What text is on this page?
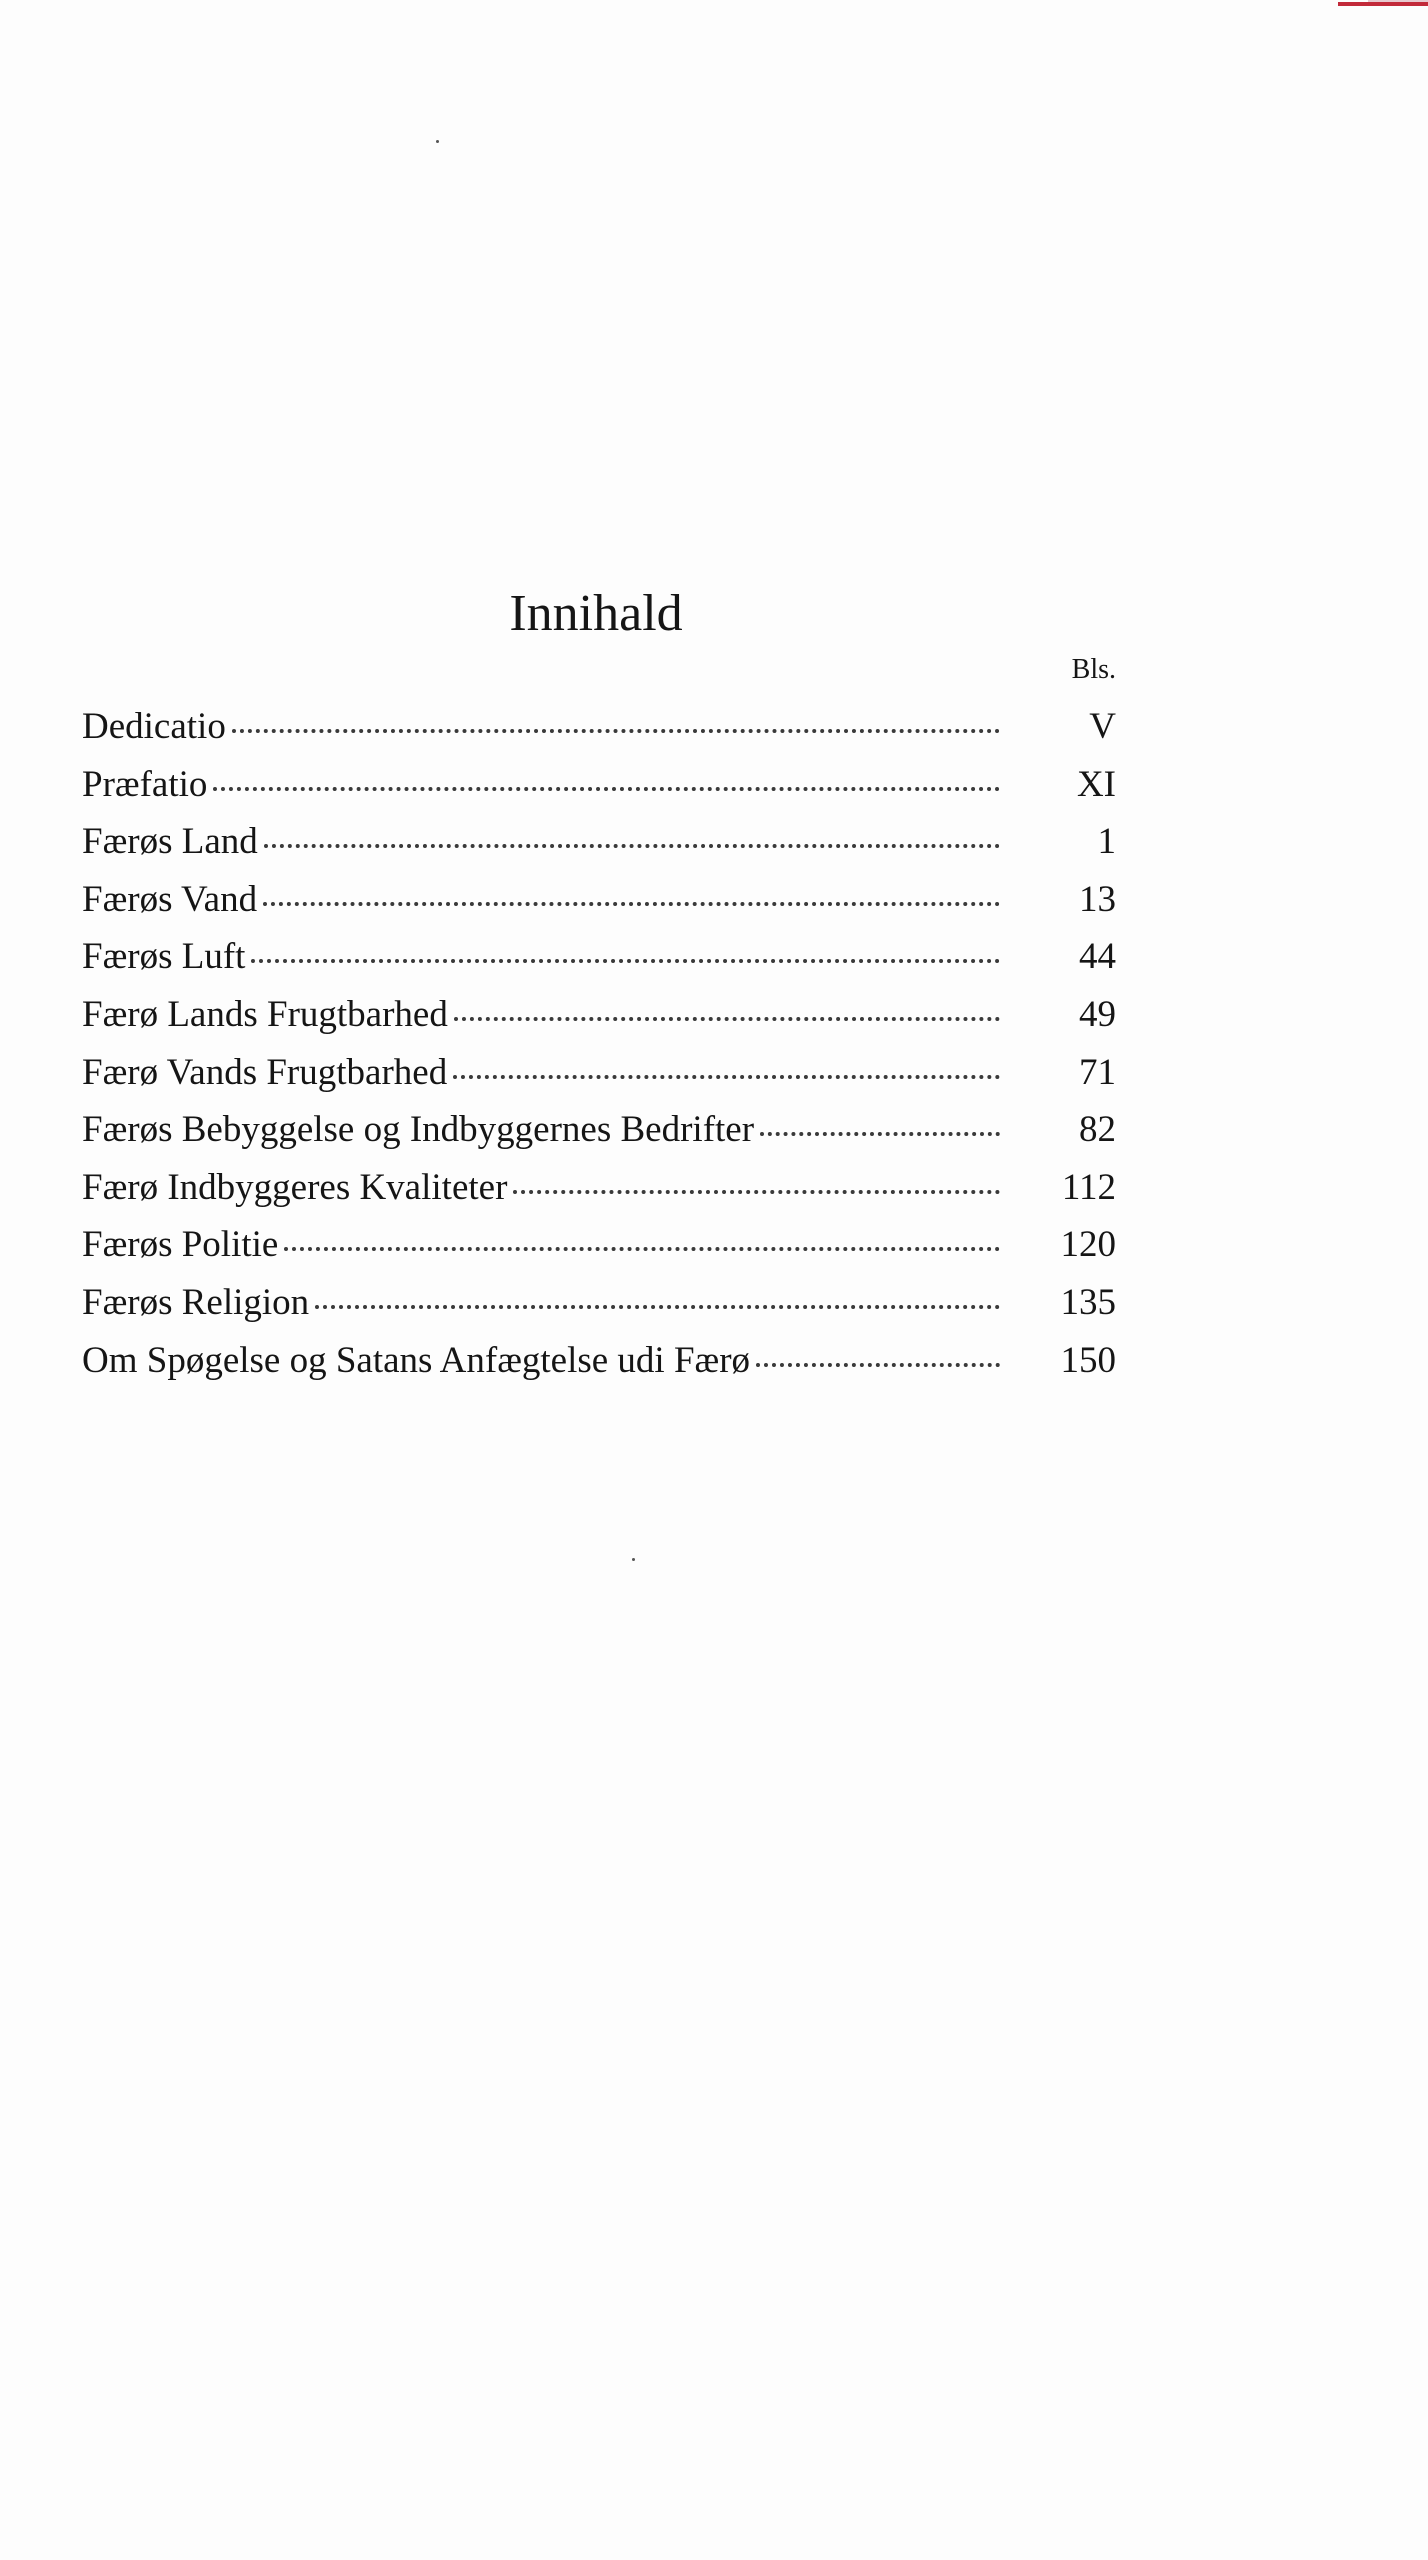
Innihald
Bls.
Dedicatio	V
Præfatio	XI
Færøs Land	1
Færøs Vand	13
Færøs Luft	44
Færø Lands Frugtbarhed	49
Færø Vands Frugtbarhed	71
Færøs Bebyggelse og Indbyggernes Bedrifter	82
Færø Indbyggeres Kvaliteter	112
Færøs Politie	120
Færøs Religion	135
Om Spøgelse og Satans Anfægtelse udi Færø	150
